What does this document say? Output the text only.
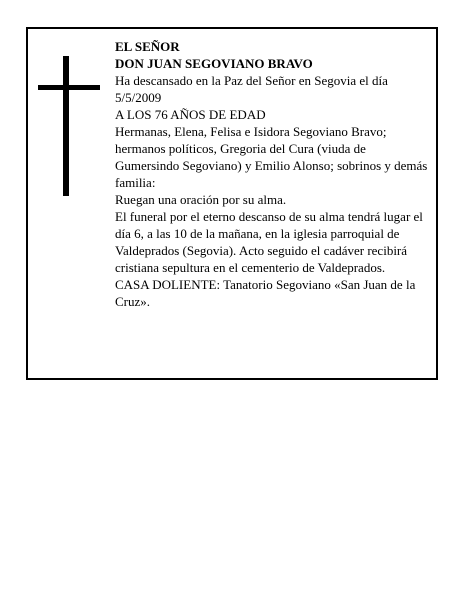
EL SEÑOR

DON JUAN SEGOVIANO BRAVO

Ha descansado en la Paz del Señor en Segovia el día 5/5/2009

A LOS 76 AÑOS DE EDAD

Hermanas, Elena, Felisa e Isidora Segoviano Bravo; hermanos políticos, Gregoria del Cura (viuda de Gumersindo Segoviano) y Emilio Alonso; sobrinos y demás familia:

Ruegan una oración por su alma.

El funeral por el eterno descanso de su alma tendrá lugar el día 6, a las 10 de la mañana, en la iglesia parroquial de Valdeprados (Segovia). Acto seguido el cadáver recibirá cristiana sepultura en el cementerio de Valdeprados.

CASA DOLIENTE: Tanatorio Segoviano «San Juan de la Cruz».
